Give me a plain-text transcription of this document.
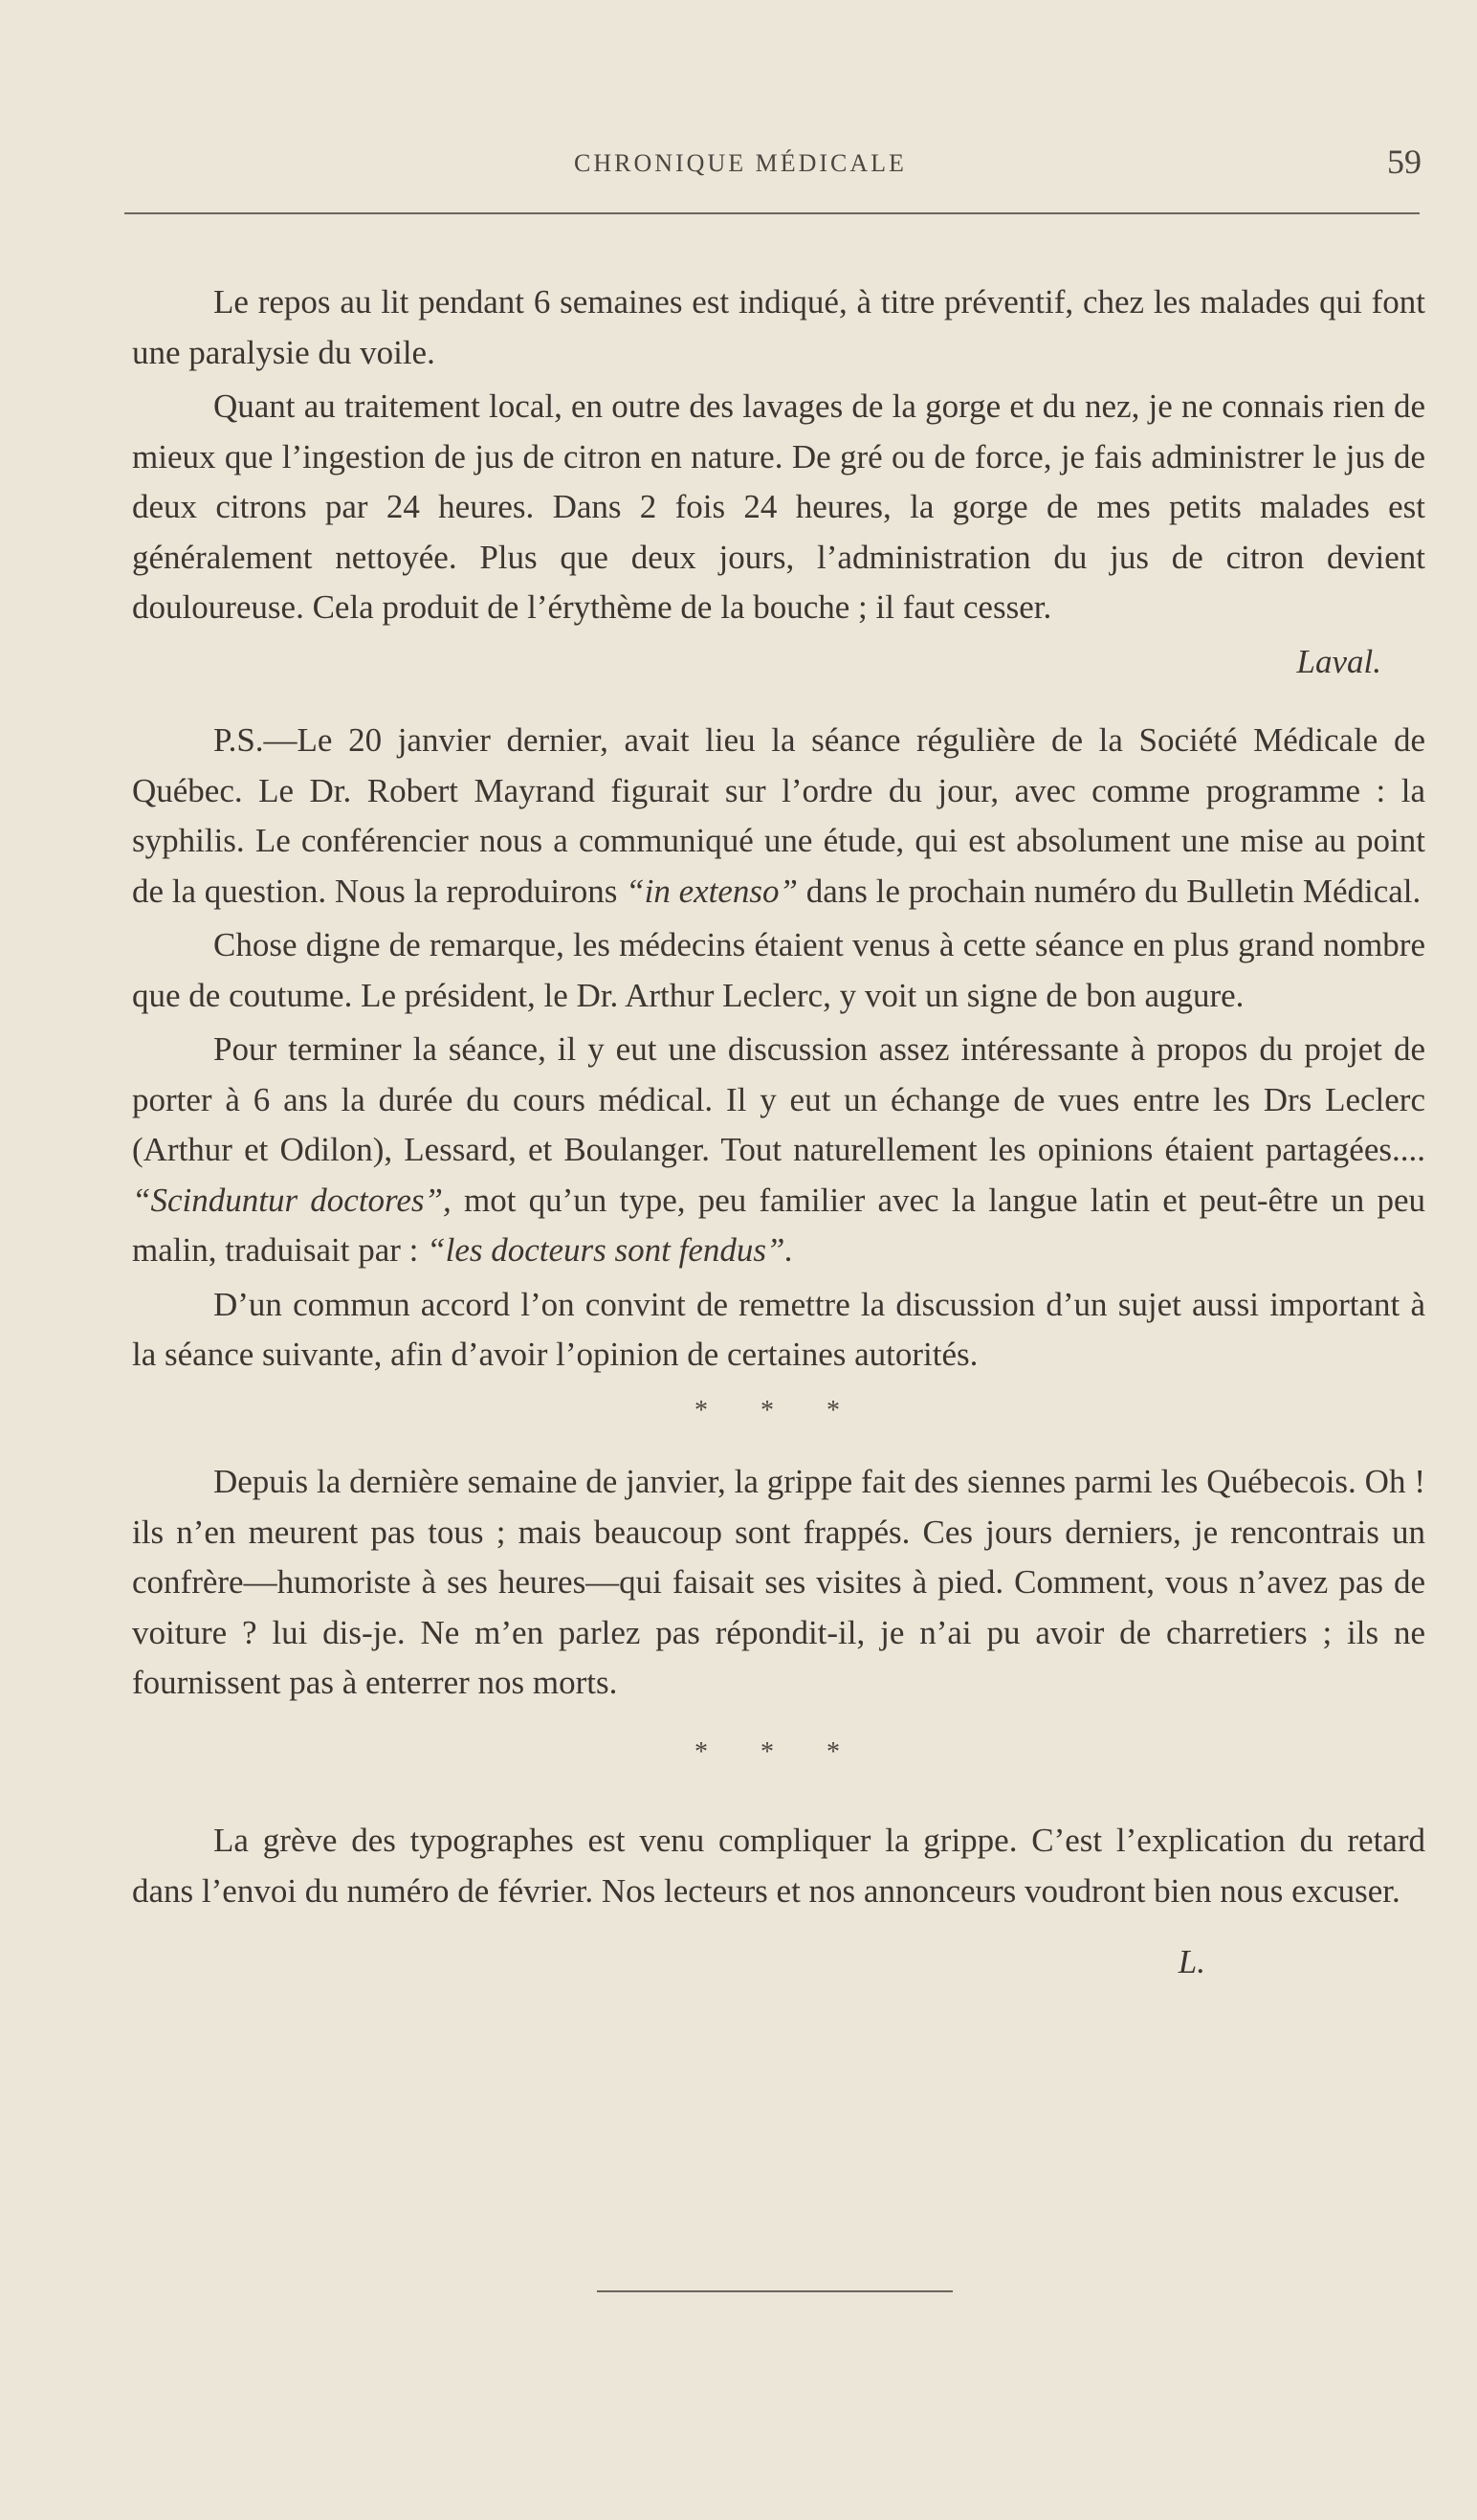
CHRONIQUE MÉDICALE	59

Le repos au lit pendant 6 semaines est indiqué, à titre préventif, chez les malades qui font une paralysie du voile.

Quant au traitement local, en outre des lavages de la gorge et du nez, je ne connais rien de mieux que l’ingestion de jus de citron en nature. De gré ou de force, je fais administrer le jus de deux citrons par 24 heures. Dans 2 fois 24 heures, la gorge de mes petits malades est généralement nettoyée. Plus que deux jours, l’administration du jus de citron devient douloureuse. Cela produit de l’érythème de la bouche ; il faut cesser.

Laval.

P.S.—Le 20 janvier dernier, avait lieu la séance régulière de la Société Médicale de Québec. Le Dr. Robert Mayrand figurait sur l’ordre du jour, avec comme programme : la syphilis. Le conférencier nous a communiqué une étude, qui est absolument une mise au point de la question. Nous la reproduirons “in extenso” dans le prochain numéro du Bulletin Médical.

Chose digne de remarque, les médecins étaient venus à cette séance en plus grand nombre que de coutume. Le président, le Dr. Arthur Leclerc, y voit un signe de bon augure.

Pour terminer la séance, il y eut une discussion assez intéressante à propos du projet de porter à 6 ans la durée du cours médical. Il y eut un échange de vues entre les Drs Leclerc (Arthur et Odilon), Lessard, et Boulanger. Tout naturellement les opinions étaient partagées.... “Scinduntur doctores”, mot qu’un type, peu familier avec la langue latin et peut-être un peu malin, traduisait par : “les docteurs sont fendus”.

D’un commun accord l’on convint de remettre la discussion d’un sujet aussi important à la séance suivante, afin d’avoir l’opinion de certaines autorités.

* * *

Depuis la dernière semaine de janvier, la grippe fait des siennes parmi les Québecois. Oh ! ils n’en meurent pas tous ; mais beaucoup sont frappés. Ces jours derniers, je rencontrais un confrère—humoriste à ses heures—qui faisait ses visites à pied. Comment, vous n’avez pas de voiture ? lui dis-je. Ne m’en parlez pas répondit-il, je n’ai pu avoir de charretiers ; ils ne fournissent pas à enterrer nos morts.

* * *

La grève des typographes est venu compliquer la grippe. C’est l’explication du retard dans l’envoi du numéro de février. Nos lecteurs et nos annonceurs voudront bien nous excuser.

L.
